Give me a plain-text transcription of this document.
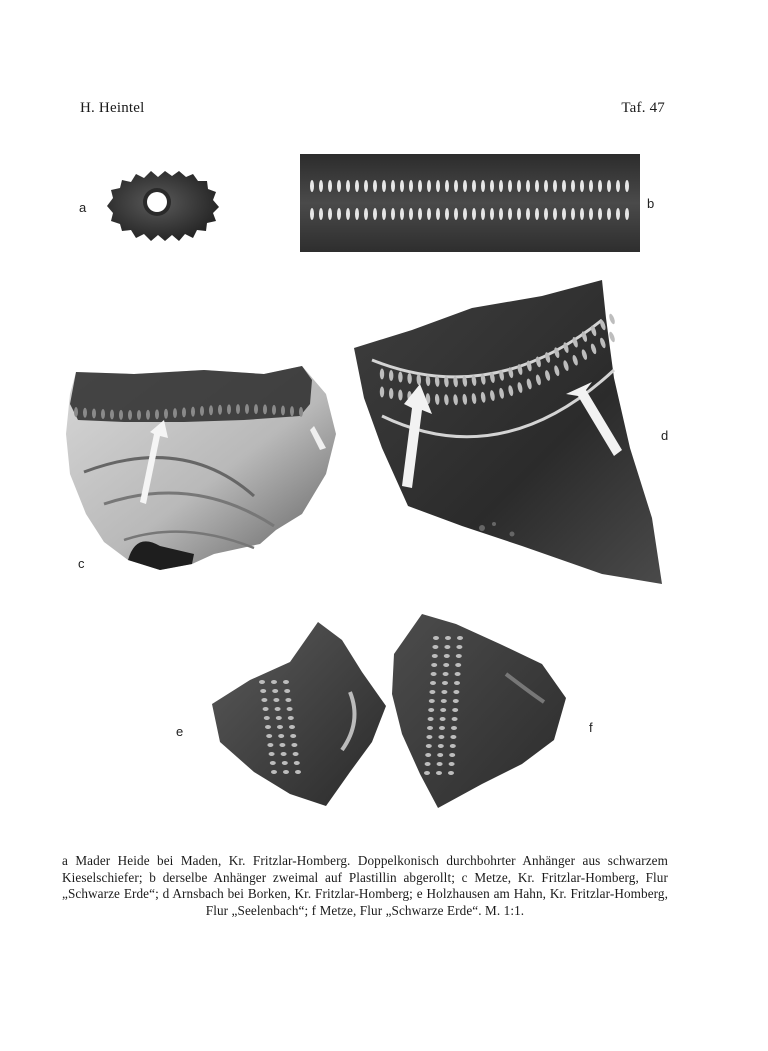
H. Heintel	Taf. 47
a	b
c
d
e	f
a Mader Heide bei Maden, Kr. Fritzlar-Homberg. Doppelkonisch durchbohrter Anhänger aus schwarzem Kieselschiefer; b derselbe Anhänger zweimal auf Plastillin abgerollt; c Metze, Kr. Fritzlar-Homberg, Flur „Schwarze Erde“; d Arnsbach bei Borken, Kr. Fritzlar-Homberg; e Holzhausen am Hahn, Kr. Fritzlar-Homberg, Flur „Seelenbach“; f Metze, Flur „Schwarze Erde“. M. 1:1.
